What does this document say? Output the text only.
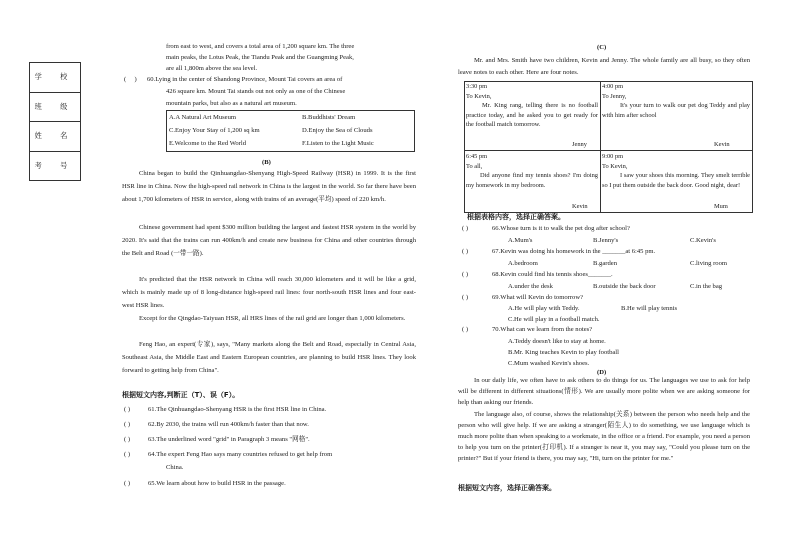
学 校
班 级
姓 名
考 号
from east to west, and covers a total area of 1,200 square km. The three
main peaks, the Lotus Peak, the Tiandu Peak and the Guangming Peak,
are all 1,800m above the sea level.
(     ) 60.Lying in the center of Shandong Province, Mount Tai covers an area of
426 square km. Mount Tai stands out not only as one of the Chinese
mountain parks, but also as a natural art museum.
A.A Natural Art Museum	B.Buddhists' Dream
C.Enjoy Your Stay of 1,200 sq km	D.Enjoy the Sea of Clouds
E.Welcome to the Red World	F.Listen to the Light Music
(B)
China began to build the Qinhuangdao-Shenyang High-Speed Railway (HSR) in 1999. It is the first HSR line in China. Now the high-speed rail network in China is the largest in the world. So far there have been about 1,700 kilometers of HSR in service, along with trains of an average(平均) speed of 220 km/h.
Chinese government had spent $300 million building the largest and fastest HSR system in the world by 2020. It's said that the trains can run 400km/h and create new business for China and other countries through the Belt and Road (一带一路).
It's predicted that the HSR network in China will reach 30,000 kilometers and it will be like a grid, which is mainly made up of 8 long-distance high-speed rail lines: four north-south HSR lines and four east-west HSR lines.
Except for the Qingdao-Taiyuan HSR, all HRS lines of the rail grid are longer than 1,000 kilometers.
Feng Hao, an expert(专家), says, "Many markets along the Belt and Road, especially in Central Asia, Southeast Asia, the Middle East and Eastern European countries, are planning to build HSR lines. They look forward to getting help from China".
根据短文内容,判断正（T）、误（F）。
( )	61.The Qinhuangdao-Shenyang HSR is the first HSR line in China.
( )	62.By 2030, the trains will run 400km/h faster than that now.
( )	63.The underlined word "grid" in Paragraph 3 means "网格".
( )	64.The expert Feng Hao says many countries refused to get help from
China.
( )	65.We learn about how to build HSR in the passage.
(C)
Mr. and Mrs. Smith have two children, Kevin and Jenny. The whole family are all busy, so they often leave notes to each other. Here are four notes.
3:30 pm
To Kevin,
Mr. King rang, telling there is no football practice today, and he asked you to get ready for the football match tomorrow.
Jenny
4:00 pm
To Jenny,
It's your turn to walk our pet dog Teddy and play with him after school
Kevin
6:45 pm
To all,
Did anyone find my tennis shoes? I'm doing my homework in my bedroom.
Kevin
9:00 pm
To Kevin,
I saw your shoes this morning. They smelt terrible so I put them outside the back door. Good night, dear!
Mum
根据表格内容，选择正确答案。
( )	66.Whose turn is it to walk the pet dog after school?
A.Mum's	B.Jenny's	C.Kevin's
( )	67.Kevin was doing his homework in the _______at 6:45 pm.
A.bedroom	B.garden	C.living room
( )	68.Kevin could find his tennis shoes_______.
A.under the desk	B.outside the back door	C.in the bag
( )	69.What will Kevin do tomorrow?
A.He will play with Teddy.	B.He will play tennis
C.He will play in a football match.
( )	70.What can we learn from the notes?
A.Teddy doesn't like to stay at home.
B.Mr. King teaches Kevin to play football
C.Mum washed Kevin's shoes.
(D)
In our daily life, we often have to ask others to do things for us. The languages we use to ask for help will be different in different situations(情形). We are usually more polite when we are asking someone for help than asking our friends.
The language also, of course, shows the relationship(关系) between the person who needs help and the person who will give help. If we are asking a stranger(陌生人) to do something, we use language which is much more polite than when speaking to a workmate, in the office or a friend. For example, you need a person to help you turn on the printer(打印机). If a stranger is near it, you may say, "Could you please turn on the printer?" But if your friend is there, you may say, "Hi, turn on the printer for me."
根据短文内容，选择正确答案。
